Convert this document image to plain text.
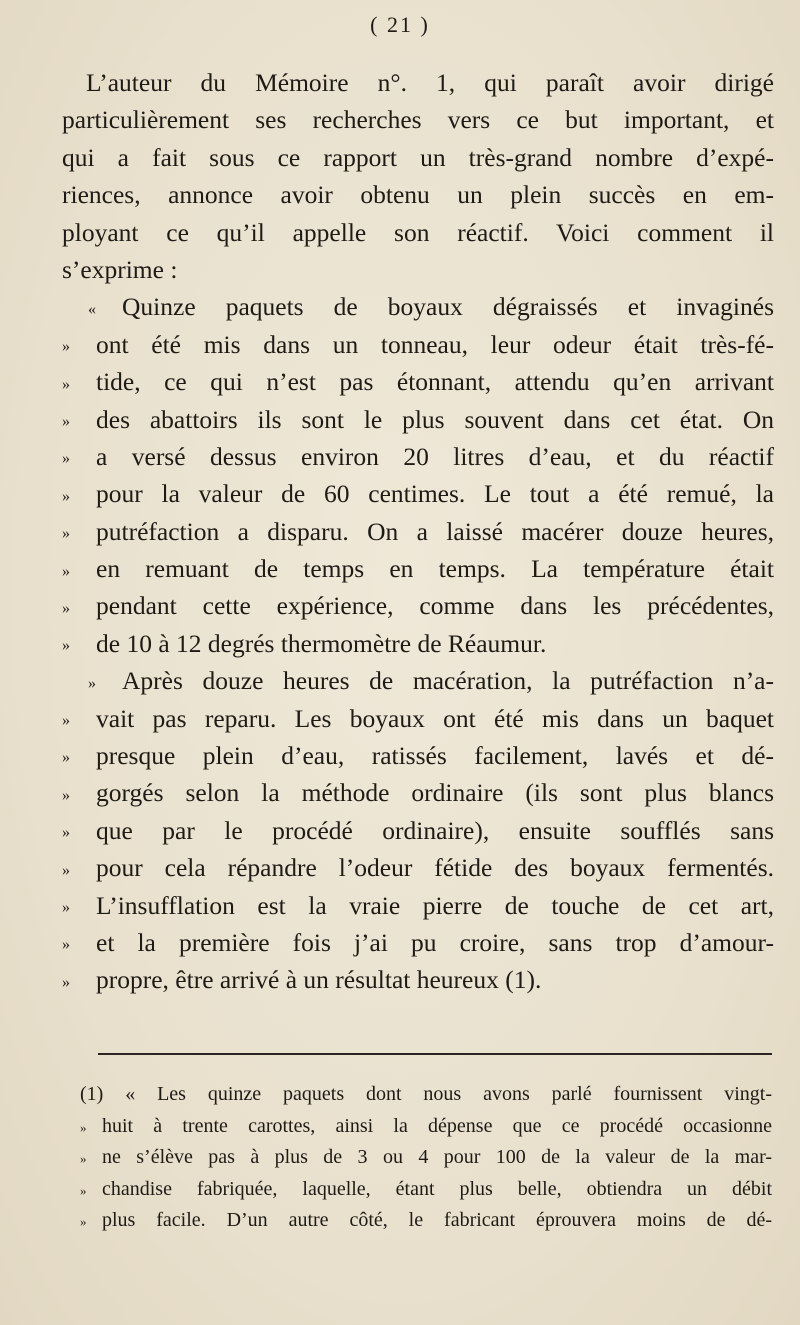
( 21 )
L’auteur du Mémoire n°. 1, qui paraît avoir dirigé
particulièrement ses recherches vers ce but important, et
qui a fait sous ce rapport un très-grand nombre d’expé-
riences, annonce avoir obtenu un plein succès en em-
ployant ce qu’il appelle son réactif. Voici comment il
s’exprime :
« Quinze paquets de boyaux dégraissés et invaginés
» ont été mis dans un tonneau, leur odeur était très-fé-
» tide, ce qui n’est pas étonnant, attendu qu’en arrivant
» des abattoirs ils sont le plus souvent dans cet état. On
» a versé dessus environ 20 litres d’eau, et du réactif
» pour la valeur de 60 centimes. Le tout a été remué, la
» putréfaction a disparu. On a laissé macérer douze heures,
» en remuant de temps en temps. La température était
» pendant cette expérience, comme dans les précédentes,
» de 10 à 12 degrés thermomètre de Réaumur.
» Après douze heures de macération, la putréfaction n’a-
» vait pas reparu. Les boyaux ont été mis dans un baquet
» presque plein d’eau, ratissés facilement, lavés et dé-
» gorgés selon la méthode ordinaire (ils sont plus blancs
» que par le procédé ordinaire), ensuite soufflés sans
» pour cela répandre l’odeur fétide des boyaux fermentés.
» L’insufflation est la vraie pierre de touche de cet art,
» et la première fois j’ai pu croire, sans trop d’amour-
» propre, être arrivé à un résultat heureux (1).
(1) « Les quinze paquets dont nous avons parlé fournissent vingt-
» huit à trente carottes, ainsi la dépense que ce procédé occasionne
» ne s’élève pas à plus de 3 ou 4 pour 100 de la valeur de la mar-
» chandise fabriquée, laquelle, étant plus belle, obtiendra un débit
» plus facile. D’un autre côté, le fabricant éprouvera moins de dé-
